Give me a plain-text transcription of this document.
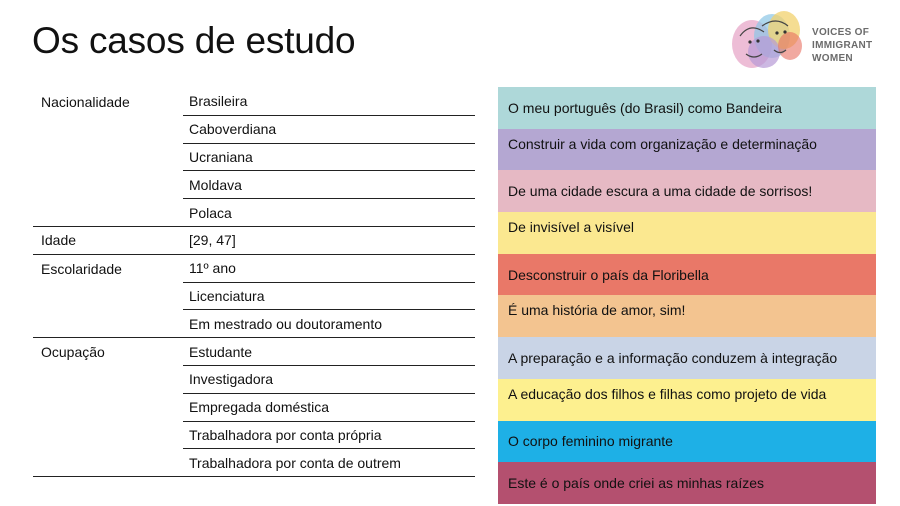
Os casos de estudo	VOICES OF
IMMIGRANT
WOMEN
Nacionalidade	Brasileira
Caboverdiana
Ucraniana
Moldava
Polaca
Idade	[29, 47]
Escolaridade	11º ano
Licenciatura
Em mestrado ou doutoramento
Ocupação	Estudante
Investigadora
Empregada doméstica
Trabalhadora por conta própria
Trabalhadora por conta de outrem
O meu português (do Brasil) como Bandeira
Construir a vida com organização e determinação
De uma cidade escura a uma cidade de sorrisos!
De invisível a visível
Desconstruir o país da Floribella
É uma história de amor, sim!
A preparação e a informação conduzem à integração
A educação dos filhos e filhas como projeto de vida
O corpo feminino migrante
Este é o país onde criei as minhas raízes
